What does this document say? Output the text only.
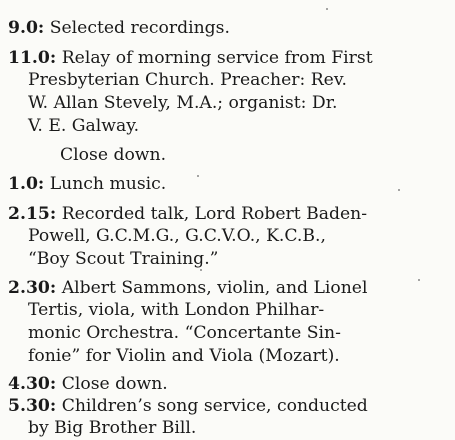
9.0: Selected recordings.
11.0: Relay of morning service from First
Presbyterian Church. Preacher: Rev.
W. Allan Stevely, M.A.; organist: Dr.
V. E. Galway.
Close down.
1.0: Lunch music.
2.15: Recorded talk, Lord Robert Baden-
Powell, G.C.M.G., G.C.V.O., K.C.B.,
“Boy Scout Training.”
2.30: Albert Sammons, violin, and Lionel
Tertis, viola, with London Philhar-
monic Orchestra. “Concertante Sin-
fonie” for Violin and Viola (Mozart).
4.30: Close down.
5.30: Children’s song service, conducted
by Big Brother Bill.
